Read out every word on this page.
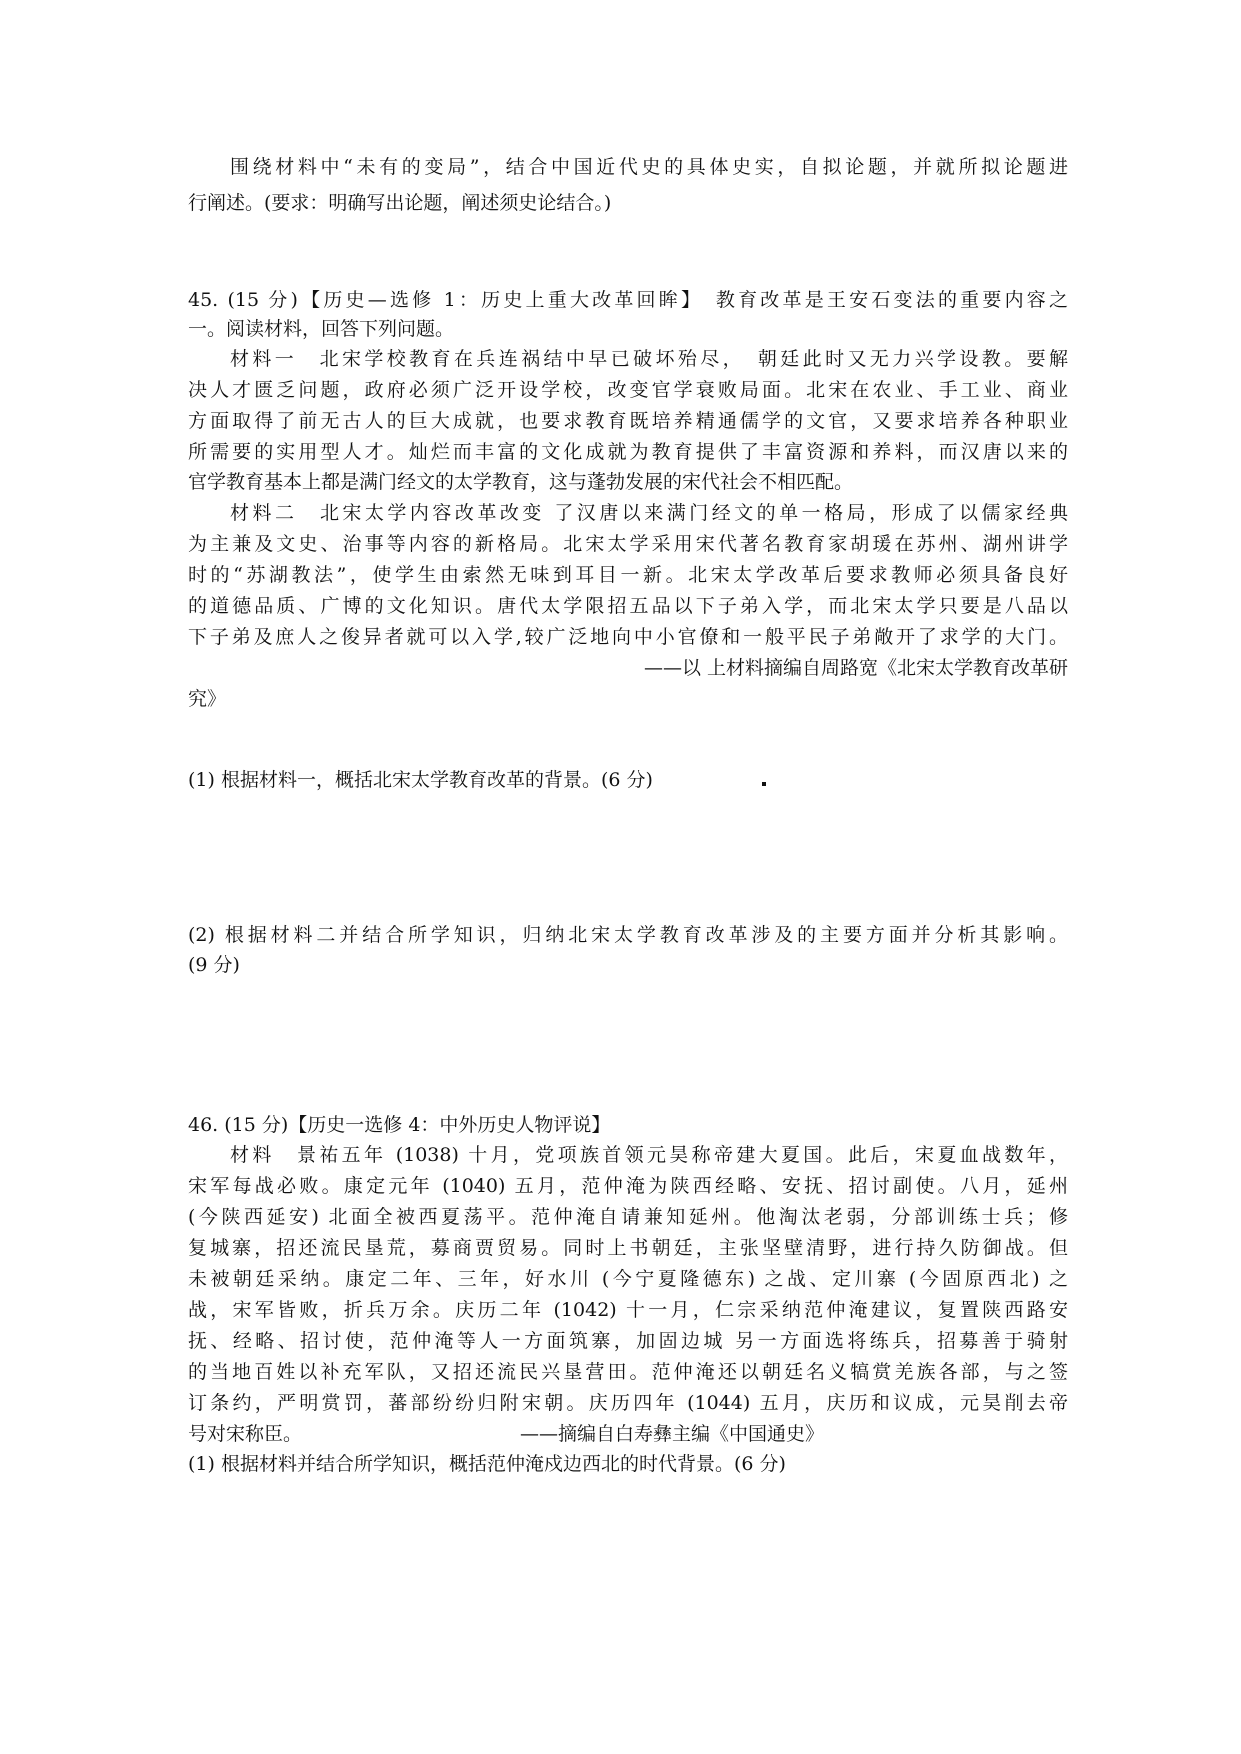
围绕材料中“未有的变局”，结合中国近代史的具体史实，自拟论题，并就所拟论题进
行阐述。(要求：明确写出论题，阐述须史论结合。)
45. (15 分)【历史—选修 1：历史上重大改革回眸】　教育改革是王安石变法的重要内容之
一。阅读材料，回答下列问题。
材料一　北宋学校教育在兵连祸结中早已破坏殆尽，　朝廷此时又无力兴学设教。要解
决人才匮乏问题，政府必须广泛开设学校，改变官学衰败局面。北宋在农业、手工业、商业
方面取得了前无古人的巨大成就，也要求教育既培养精通儒学的文官，又要求培养各种职业
所需要的实用型人才。灿烂而丰富的文化成就为教育提供了丰富资源和养料，而汉唐以来的
官学教育基本上都是满门经文的太学教育，这与蓬勃发展的宋代社会不相匹配。
材料二　北宋太学内容改革改变 了汉唐以来满门经文的单一格局，形成了以儒家经典
为主兼及文史、治事等内容的新格局。北宋太学采用宋代著名教育家胡瑗在苏州、湖州讲学
时的“苏湖教法”，使学生由索然无味到耳目一新。北宋太学改革后要求教师必须具备良好
的道德品质、广博的文化知识。唐代太学限招五品以下子弟入学，而北宋太学只要是八品以
下子弟及庶人之俊异者就可以入学,较广泛地向中小官僚和一般平民子弟敞开了求学的大门。
——以 上材料摘编自周路宽《北宋太学教育改革研
究》
(1) 根据材料一，概括北宋太学教育改革的背景。(6 分)
(2) 根据材料二并结合所学知识，归纳北宋太学教育改革涉及的主要方面并分析其影响。
(9 分)
46. (15 分)【历史一选修 4：中外历史人物评说】
材料　景祐五年 (1038) 十月，党项族首领元昊称帝建大夏国。此后，宋夏血战数年，
宋军每战必败。康定元年 (1040) 五月，范仲淹为陕西经略、安抚、招讨副使。八月，延州
(今陕西延安) 北面全被西夏荡平。范仲淹自请兼知延州。他淘汰老弱，分部训练士兵；修
复城寨，招还流民垦荒，募商贾贸易。同时上书朝廷，主张坚壁清野，进行持久防御战。但
未被朝廷采纳。康定二年、三年，好水川 (今宁夏隆德东) 之战、定川寨 (今固原西北) 之
战，宋军皆败，折兵万余。庆历二年 (1042) 十一月，仁宗采纳范仲淹建议，复置陕西路安
抚、经略、招讨使，范仲淹等人一方面筑寨，加固边城 另一方面选将练兵，招募善于骑射
的当地百姓以补充军队，又招还流民兴垦营田。范仲淹还以朝廷名义犒赏羌族各部，与之签
订条约，严明赏罚，蕃部纷纷归附宋朝。庆历四年 (1044) 五月，庆历和议成，元昊削去帝
号对宋称臣。	——摘编自白寿彝主编《中国通史》
(1) 根据材料并结合所学知识，概括范仲淹戍边西北的时代背景。(6 分)
